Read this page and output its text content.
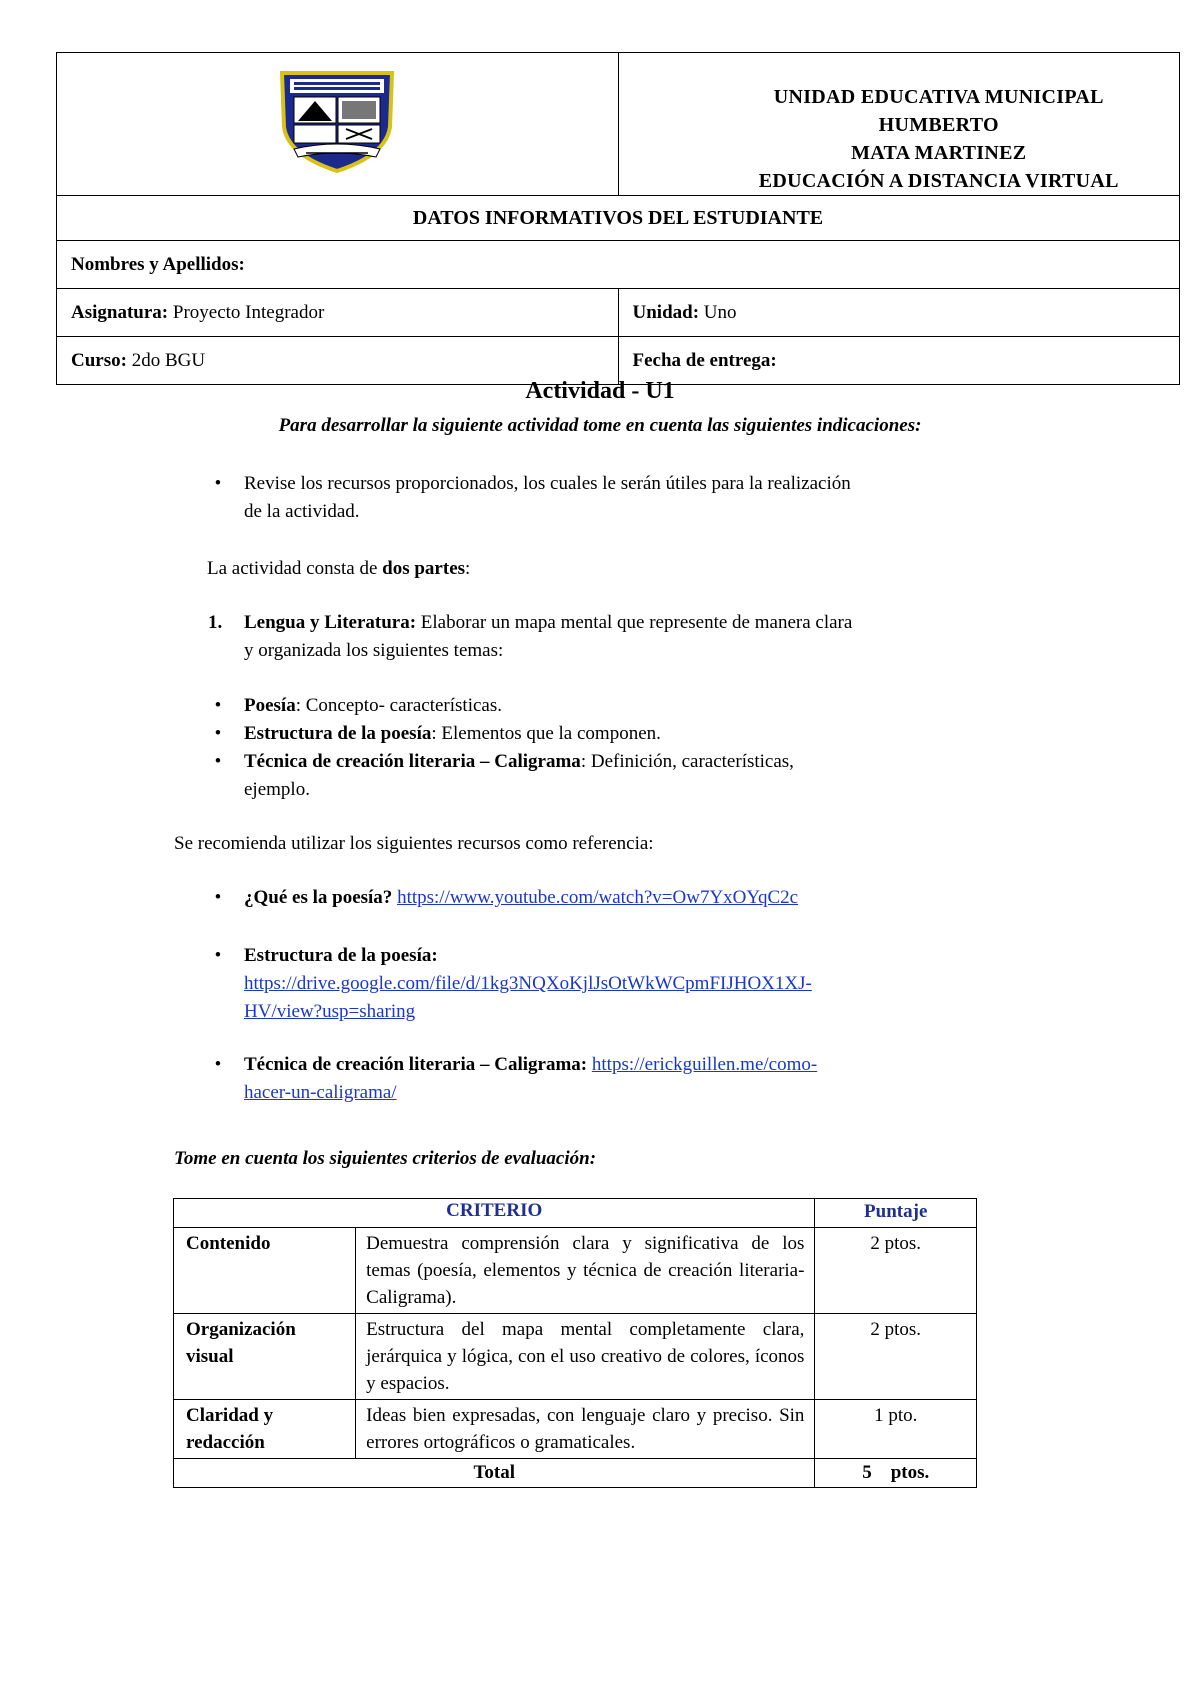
UNIDAD EDUCATIVA MUNICIPAL HUMBERTO
MATA MARTINEZ
EDUCACIÓN A DISTANCIA VIRTUAL

DATOS INFORMATIVOS DEL ESTUDIANTE	
Nombres y Apellidos:	
Asignatura: Proyecto Integrador	Unidad: Uno
Curso: 2do BGU	Fecha de entrega:
Actividad - U1
Para desarrollar la siguiente actividad tome en cuenta las siguientes indicaciones:
•	Revise los recursos proporcionados, los cuales le serán útiles para la realización
de la actividad.
La actividad consta de dos partes:
1. Lengua y Literatura: Elaborar un mapa mental que represente de manera clara
y organizada los siguientes temas:
•	Poesía: Concepto- características.
•	Estructura de la poesía: Elementos que la componen.
•	Técnica de creación literaria – Caligrama: Definición, características,
ejemplo.
Se recomienda utilizar los siguientes recursos como referencia:
•	¿Qué es la poesía? https://www.youtube.com/watch?v=Ow7YxOYqC2c
•	Estructura de la poesía:
https://drive.google.com/file/d/1kg3NQXoKjlJsOtWkWCpmFIJHOX1XJ-
HV/view?usp=sharing
•	Técnica de creación literaria – Caligrama: https://erickguillen.me/como-
hacer-un-caligrama/
Tome en cuenta los siguientes criterios de evaluación:
CRITERIO		Puntaje

Contenido	Demuestra comprensión clara y significativa de los temas (poesía, elementos y técnica de creación literaria- Caligrama).	2 ptos.

Organización
visual	Estructura del mapa mental completamente clara, jerárquica y lógica, con el uso creativo de colores, íconos y espacios.	2 ptos.

Claridad y
redacción	Ideas bien expresadas, con lenguaje claro y preciso. Sin errores ortográficos o gramaticales.	1 pto.
Total		5 ptos.
